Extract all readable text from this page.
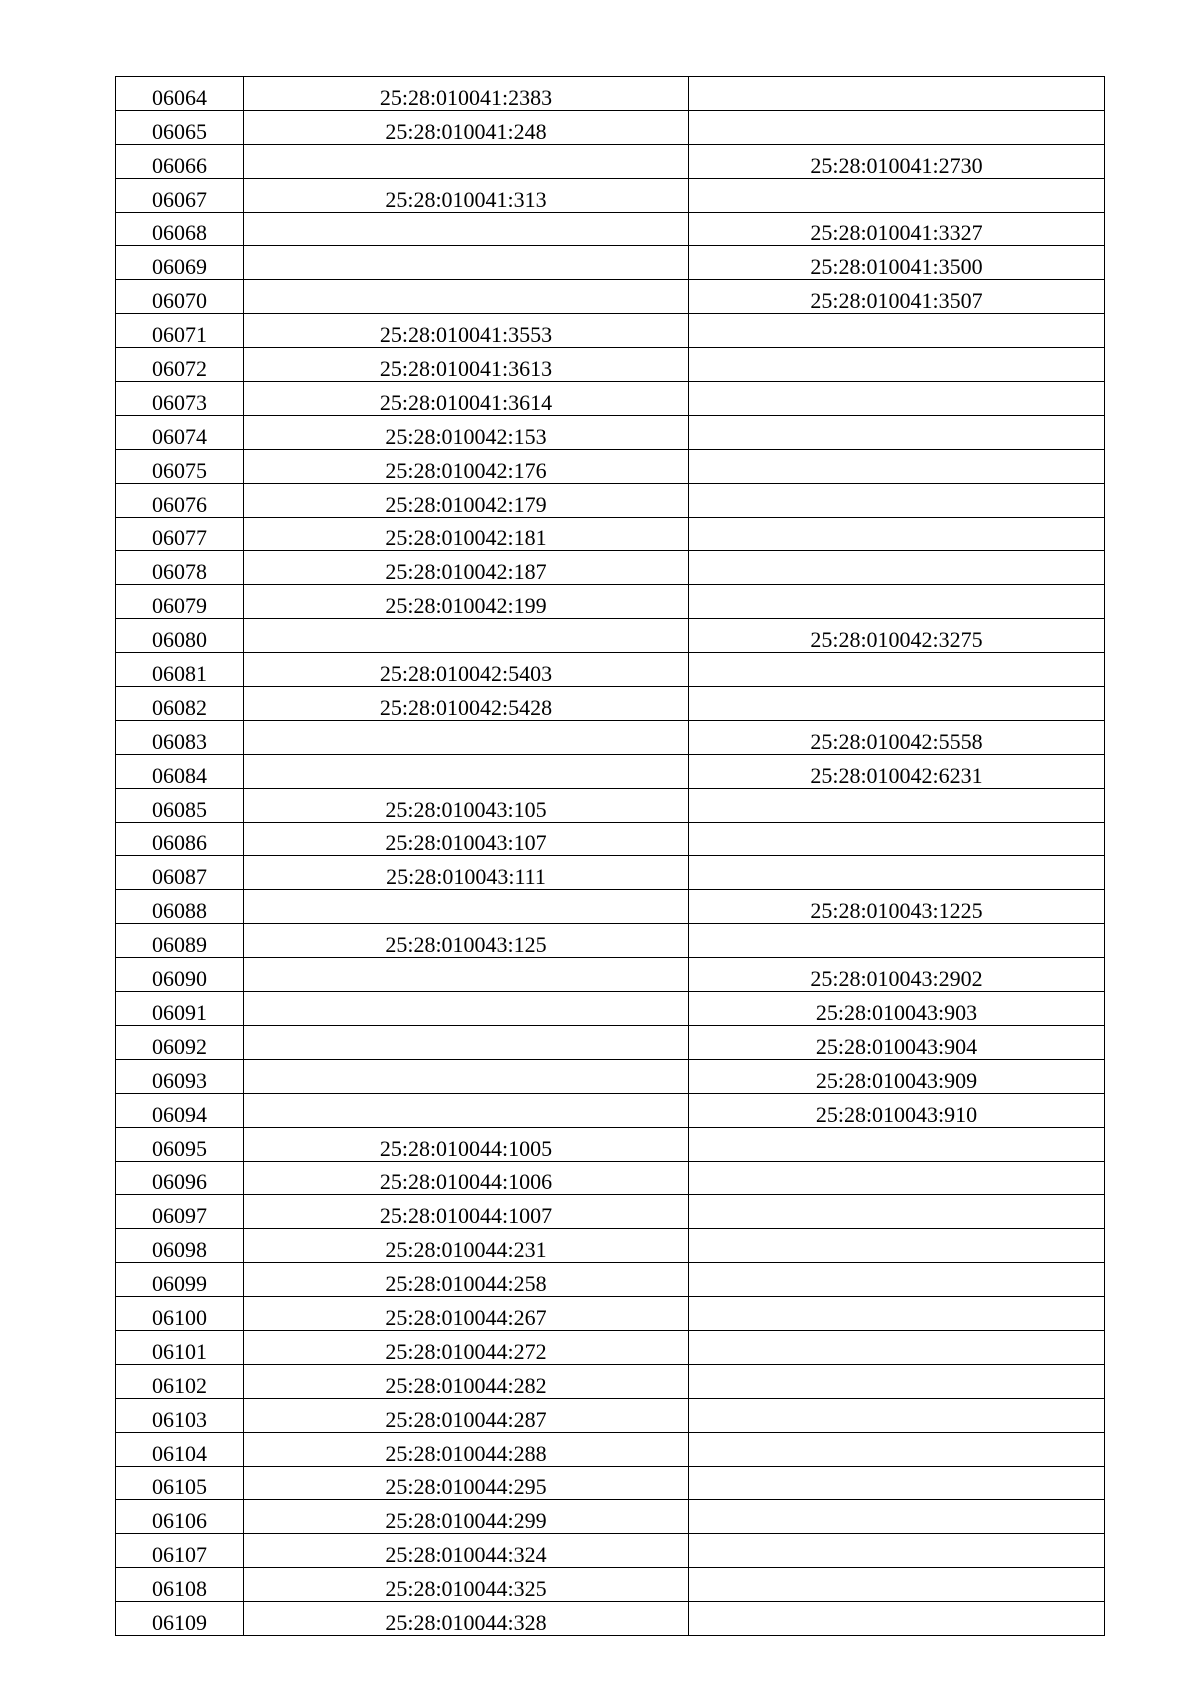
06064	25:28:010041:2383	
06065	25:28:010041:248	
06066		25:28:010041:2730
06067	25:28:010041:313	
06068		25:28:010041:3327
06069		25:28:010041:3500
06070		25:28:010041:3507
06071	25:28:010041:3553	
06072	25:28:010041:3613	
06073	25:28:010041:3614	
06074	25:28:010042:153	
06075	25:28:010042:176	
06076	25:28:010042:179	
06077	25:28:010042:181	
06078	25:28:010042:187	
06079	25:28:010042:199	
06080		25:28:010042:3275
06081	25:28:010042:5403	
06082	25:28:010042:5428	
06083		25:28:010042:5558
06084		25:28:010042:6231
06085	25:28:010043:105	
06086	25:28:010043:107	
06087	25:28:010043:111	
06088		25:28:010043:1225
06089	25:28:010043:125	
06090		25:28:010043:2902
06091		25:28:010043:903
06092		25:28:010043:904
06093		25:28:010043:909
06094		25:28:010043:910
06095	25:28:010044:1005	
06096	25:28:010044:1006	
06097	25:28:010044:1007	
06098	25:28:010044:231	
06099	25:28:010044:258	
06100	25:28:010044:267	
06101	25:28:010044:272	
06102	25:28:010044:282	
06103	25:28:010044:287	
06104	25:28:010044:288	
06105	25:28:010044:295	
06106	25:28:010044:299	
06107	25:28:010044:324	
06108	25:28:010044:325	
06109	25:28:010044:328	
